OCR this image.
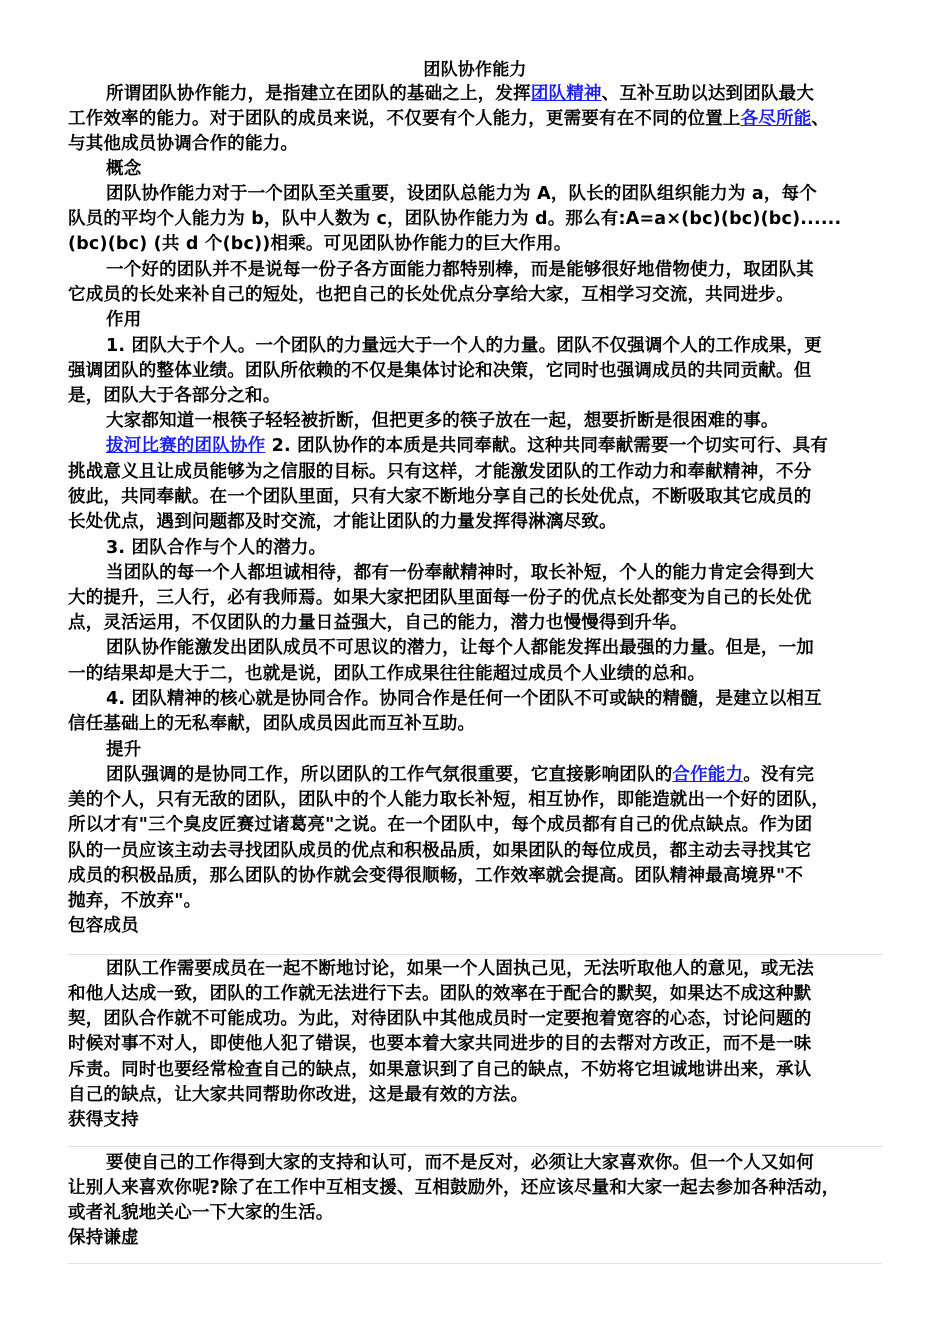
团队协作能力
所谓团队协作能力，是指建立在团队的基础之上，发挥团队精神、互补互助以达到团队最大
工作效率的能力。对于团队的成员来说，不仅要有个人能力，更需要有在不同的位置上各尽所能、
与其他成员协调合作的能力。
概念
团队协作能力对于一个团队至关重要，设团队总能力为 A，队长的团队组织能力为 a，每个
队员的平均个人能力为 b，队中人数为 c，团队协作能力为 d。那么有:A=a×(bc)(bc)(bc)......
(bc)(bc) (共 d 个(bc))相乘。可见团队协作能力的巨大作用。
一个好的团队并不是说每一份子各方面能力都特别棒，而是能够很好地借物使力，取团队其
它成员的长处来补自己的短处，也把自己的长处优点分享给大家，互相学习交流，共同进步。
作用
1. 团队大于个人。一个团队的力量远大于一个人的力量。团队不仅强调个人的工作成果，更
强调团队的整体业绩。团队所依赖的不仅是集体讨论和决策，它同时也强调成员的共同贡献。但
是，团队大于各部分之和。
大家都知道一根筷子轻轻被折断，但把更多的筷子放在一起，想要折断是很困难的事。
拔河比赛的团队协作 2. 团队协作的本质是共同奉献。这种共同奉献需要一个切实可行、具有
挑战意义且让成员能够为之信服的目标。只有这样，才能激发团队的工作动力和奉献精神，不分
彼此，共同奉献。在一个团队里面，只有大家不断地分享自己的长处优点，不断吸取其它成员的
长处优点，遇到问题都及时交流，才能让团队的力量发挥得淋漓尽致。
3. 团队合作与个人的潜力。
当团队的每一个人都坦诚相待，都有一份奉献精神时，取长补短，个人的能力肯定会得到大
大的提升，三人行，必有我师焉。如果大家把团队里面每一份子的优点长处都变为自己的长处优
点，灵活运用，不仅团队的力量日益强大，自己的能力，潜力也慢慢得到升华。
团队协作能激发出团队成员不可思议的潜力，让每个人都能发挥出最强的力量。但是，一加
一的结果却是大于二，也就是说，团队工作成果往往能超过成员个人业绩的总和。
4. 团队精神的核心就是协同合作。协同合作是任何一个团队不可或缺的精髓，是建立以相互
信任基础上的无私奉献，团队成员因此而互补互助。
提升
团队强调的是协同工作，所以团队的工作气氛很重要，它直接影响团队的合作能力。没有完
美的个人，只有无敌的团队，团队中的个人能力取长补短，相互协作，即能造就出一个好的团队，
所以才有"三个臭皮匠赛过诸葛亮"之说。在一个团队中，每个成员都有自己的优点缺点。作为团
队的一员应该主动去寻找团队成员的优点和积极品质，如果团队的每位成员，都主动去寻找其它
成员的积极品质，那么团队的协作就会变得很顺畅，工作效率就会提高。团队精神最高境界"不
抛弃，不放弃"。
包容成员
团队工作需要成员在一起不断地讨论，如果一个人固执己见，无法听取他人的意见，或无法
和他人达成一致，团队的工作就无法进行下去。团队的效率在于配合的默契，如果达不成这种默
契，团队合作就不可能成功。为此，对待团队中其他成员时一定要抱着宽容的心态，讨论问题的
时候对事不对人，即使他人犯了错误，也要本着大家共同进步的目的去帮对方改正，而不是一味
斥责。同时也要经常检查自己的缺点，如果意识到了自己的缺点，不妨将它坦诚地讲出来，承认
自己的缺点，让大家共同帮助你改进，这是最有效的方法。
获得支持
要使自己的工作得到大家的支持和认可，而不是反对，必须让大家喜欢你。但一个人又如何
让别人来喜欢你呢?除了在工作中互相支援、互相鼓励外，还应该尽量和大家一起去参加各种活动，
或者礼貌地关心一下大家的生活。
保持谦虚
